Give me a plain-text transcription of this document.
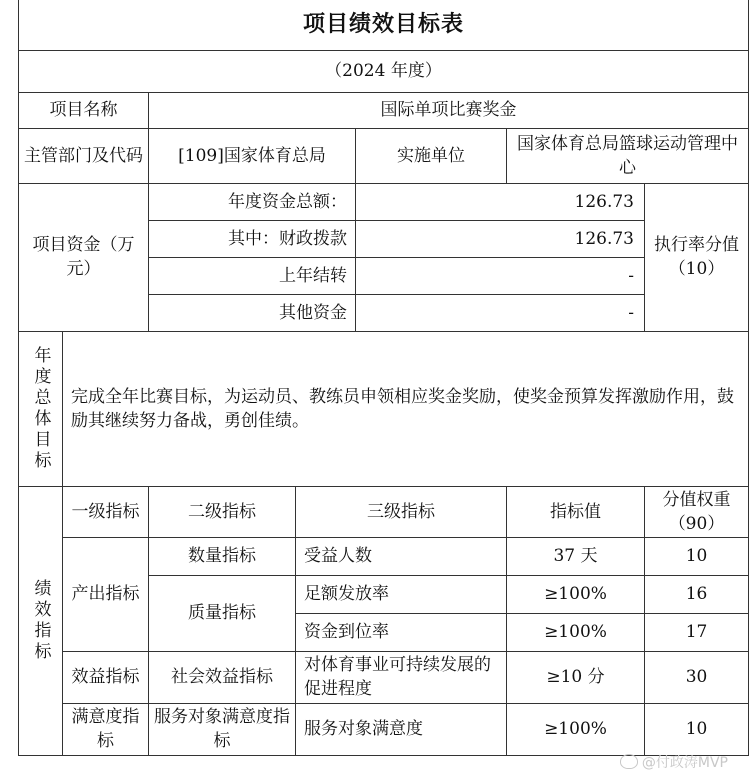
项目绩效目标表						
（2024 年度）						
项目名称		国际单项比赛奖金				
主管部门及代码		[109]国家体育总局		实施单位	国家体育总局篮球运动管理中心	
项目资金（万元）		年度资金总额：		126.73		执行率分值（10）
		其中：财政拨款		126.73		
		上年结转		-		
		其他资金		-		

年度总体目标	完成全年比赛目标，为运动员、教练员申领相应奖金奖励，使奖金预算发挥激励作用，鼓励其继续努力备战，勇创佳绩。					

绩效指标	一级指标	二级指标	三级指标		指标值	分值权重（90）
	产出指标	数量指标	受益人数		37 天	10
		质量指标	足额发放率		≥100%	16
			资金到位率		≥100%	17
	效益指标	社会效益指标	对体育事业可持续发展的促进程度		≥10 分	30
	满意度指标	服务对象满意度指标	服务对象满意度		≥100%	10
@付政涛MVP
